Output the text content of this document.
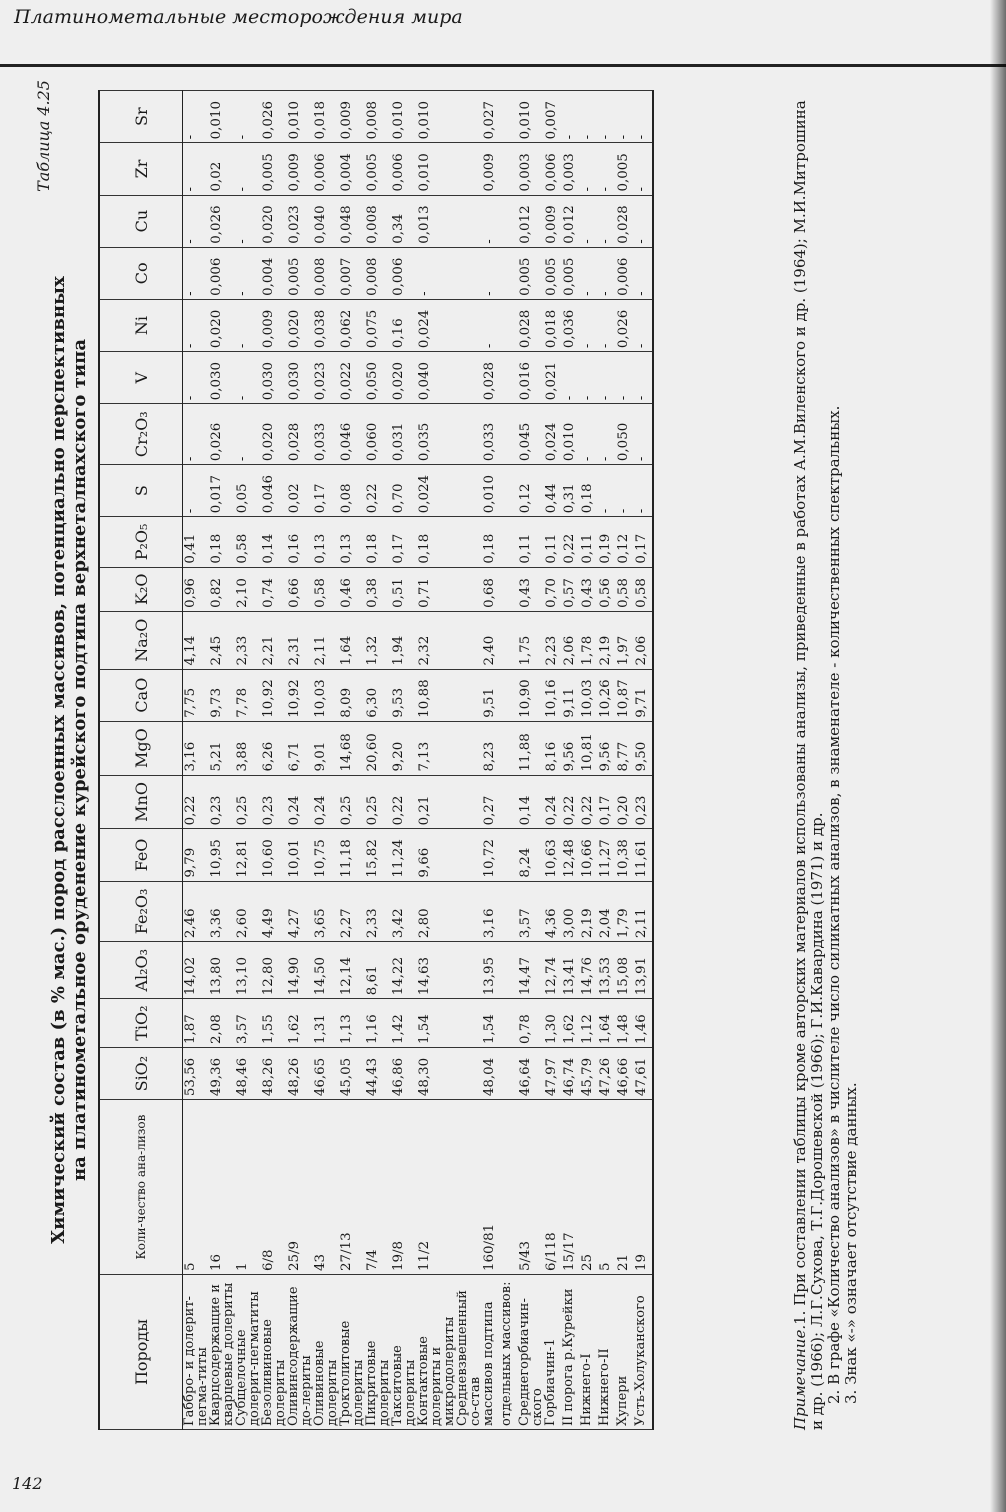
Платинометальные месторождения мира
Таблица 4.25
Химический состав (в % мас.) пород расслоенных массивов, потенциально перспективных на платинометальное оруденение курейского подтипа верхнеталнахского типа
Породы	Коли-чество ана-лизов	SiO₂	TiO₂	Al₂O₃	Fe₂O₃	FeO	MnO	MgO	CaO	Na₂O	K₂O	P₂O₅	S	Cr₂O₃	V	Ni	Co	Cu	Zr	Sr
Габбро- и долерит-пегма-титы	5	53,56	1,87	14,02	2,46	9,79	0,22	3,16	7,75	4,14	0,96	0,41	-	-	-	-	-	-	-	-
Кварцсодержащие и кварцевые долериты	16	49,36	2,08	13,80	3,36	10,95	0,23	5,21	9,73	2,45	0,82	0,18	0,017	0,026	0,030	0,020	0,006	0,026	0,02	0,010
Субщелочные долерит-пегматиты	1	48,46	3,57	13,10	2,60	12,81	0,25	3,88	7,78	2,33	2,10	0,58	0,05	-	-	-	-	-	-	-
Безоливиновые долериты	6/8	48,26	1,55	12,80	4,49	10,60	0,23	6,26	10,92	2,21	0,74	0,14	0,046	0,020	0,030	0,009	0,004	0,020	0,005	0,026
Оливинсодержащие до-лериты	25/9	48,26	1,62	14,90	4,27	10,01	0,24	6,71	10,92	2,31	0,66	0,16	0,02	0,028	0,030	0,020	0,005	0,023	0,009	0,010
Оливиновые долериты	43	46,65	1,31	14,50	3,65	10,75	0,24	9,01	10,03	2,11	0,58	0,13	0,17	0,033	0,023	0,038	0,008	0,040	0,006	0,018
Троктолитовые долериты	27/13	45,05	1,13	12,14	2,27	11,18	0,25	14,68	8,09	1,64	0,46	0,13	0,08	0,046	0,022	0,062	0,007	0,048	0,004	0,009
Пикритовые долериты	7/4	44,43	1,16	8,61	2,33	15,82	0,25	20,60	6,30	1,32	0,38	0,18	0,22	0,060	0,050	0,075	0,008	0,008	0,005	0,008
Такситовые долериты	19/8	46,86	1,42	14,22	3,42	11,24	0,22	9,20	9,53	1,94	0,51	0,17	0,70	0,031	0,020	0,16	0,006	0,34	0,006	0,010
Контактовые долериты и микродолериты	11/2	48,30	1,54	14,63	2,80	9,66	0,21	7,13	10,88	2,32	0,71	0,18	0,024	0,035	0,040	0,024	-	0,013	0,010	0,010
Средневзвешенный со-став																				
массивов подтипа	160/81	48,04	1,54	13,95	3,16	10,72	0,27	8,23	9,51	2,40	0,68	0,18	0,010	0,033	0,028	-	-	-	0,009	0,027
отдельных массивов:																				
Среднегорбиачин-ского	5/43	46,64	0,78	14,47	3,57	8,24	0,14	11,88	10,90	1,75	0,43	0,11	0,12	0,045	0,016	0,028	0,005	0,012	0,003	0,010
Горбиачин-1	6/118	47,97	1,30	12,74	4,36	10,63	0,24	8,16	10,16	2,23	0,70	0,11	0,44	0,024	0,021	0,018	0,005	0,009	0,006	0,007
II порога р.Курейки	15/17	46,74	1,62	13,41	3,00	12,48	0,22	9,56	9,11	2,06	0,57	0,22	0,31	0,010	-	0,036	0,005	0,012	0,003	-
Нижнего-I	25	45,79	1,12	14,76	2,19	10,66	0,22	10,81	10,03	1,78	0,43	0,11	0,18	-	-	-	-	-	-	-
Нижнего-II	5	47,26	1,64	13,53	2,04	11,27	0,17	9,56	10,26	2,19	0,56	0,19	-	-	-	-	-	-	-	-
Хупери	21	46,66	1,48	15,08	1,79	10,38	0,20	8,77	10,87	1,97	0,58	0,12	-	0,050	-	0,026	0,006	0,028	0,005	-
Усть-Холуканского	19	47,61	1,46	13,91	2,11	11,61	0,23	9,50	9,71	2,06	0,58	0,17	-	-	-	-	-	-	-	-

Примечание.1. При составлении таблицы кроме авторских материалов использованы анализы, приведенные в работах А.М.Виленского и др. (1964); М.И.Митрошина и др. (1966); Л.Г.Сухова, Т.Г.Дорошевской (1966); Г.И.Кавардина (1971) и др. 2. В графе «Количество анализов» в числителе число силикатных анализов, в знаменателе - количественных спектральных. 3. Знак «-» означает отсутствие данных.

142
